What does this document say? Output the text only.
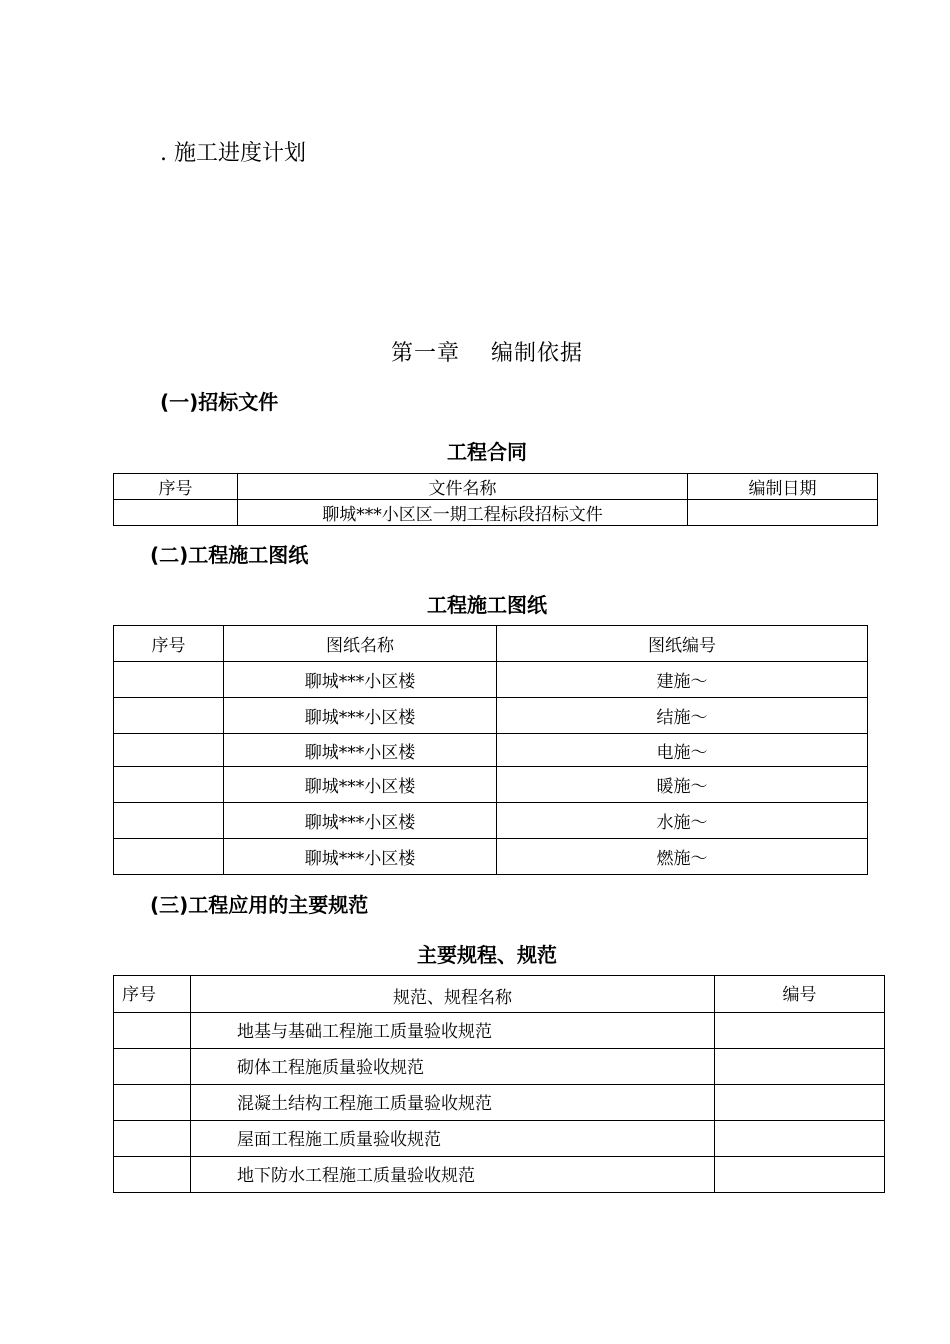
. 施工进度计划
第一章　 编制依据
(一)招标文件
工程合同
序号	文件名称	编制日期
	聊城***小区区一期工程标段招标文件	
(二)工程施工图纸
工程施工图纸
序号	图纸名称	图纸编号
	聊城***小区楼	建施～
	聊城***小区楼	结施～
	聊城***小区楼	电施～
	聊城***小区楼	暖施～
	聊城***小区楼	水施～
	聊城***小区楼	燃施～
(三)工程应用的主要规范
主要规程、规范
序号	规范、规程名称	编号
	地基与基础工程施工质量验收规范	
	砌体工程施质量验收规范	
	混凝土结构工程施工质量验收规范	
	屋面工程施工质量验收规范	
	地下防水工程施工质量验收规范	
